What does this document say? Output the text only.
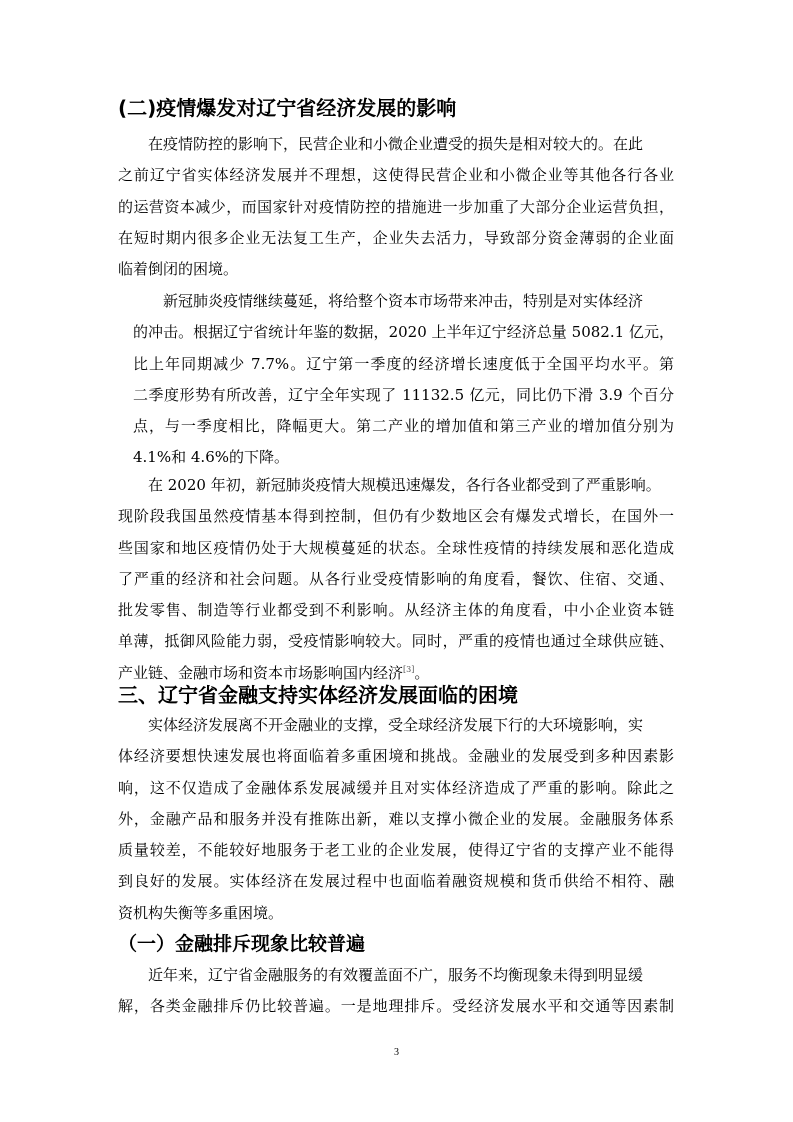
(二)疫情爆发对辽宁省经济发展的影响
在疫情防控的影响下，民营企业和小微企业遭受的损失是相对较大的。在此
之前辽宁省实体经济发展并不理想，这使得民营企业和小微企业等其他各行各业
的运营资本减少，而国家针对疫情防控的措施进一步加重了大部分企业运营负担，
在短时期内很多企业无法复工生产，企业失去活力，导致部分资金薄弱的企业面
临着倒闭的困境。
新冠肺炎疫情继续蔓延，将给整个资本市场带来冲击，特别是对实体经济
的冲击。根据辽宁省统计年鉴的数据，2020 上半年辽宁经济总量 5082.1 亿元，
比上年同期减少 7.7%。辽宁第一季度的经济增长速度低于全国平均水平。第
二季度形势有所改善，辽宁全年实现了 11132.5 亿元，同比仍下滑 3.9 个百分
点，与一季度相比，降幅更大。第二产业的增加值和第三产业的增加值分别为
4.1%和 4.6%的下降。
在 2020 年初，新冠肺炎疫情大规模迅速爆发，各行各业都受到了严重影响。
现阶段我国虽然疫情基本得到控制，但仍有少数地区会有爆发式增长，在国外一
些国家和地区疫情仍处于大规模蔓延的状态。全球性疫情的持续发展和恶化造成
了严重的经济和社会问题。从各行业受疫情影响的角度看，餐饮、住宿、交通、
批发零售、制造等行业都受到不利影响。从经济主体的角度看，中小企业资本链
单薄，抵御风险能力弱，受疫情影响较大。同时，严重的疫情也通过全球供应链、
产业链、金融市场和资本市场影响国内经济[3]。
三、辽宁省金融支持实体经济发展面临的困境
实体经济发展离不开金融业的支撑，受全球经济发展下行的大环境影响，实
体经济要想快速发展也将面临着多重困境和挑战。金融业的发展受到多种因素影
响，这不仅造成了金融体系发展减缓并且对实体经济造成了严重的影响。除此之
外，金融产品和服务并没有推陈出新，难以支撑小微企业的发展。金融服务体系
质量较差，不能较好地服务于老工业的企业发展，使得辽宁省的支撑产业不能得
到良好的发展。实体经济在发展过程中也面临着融资规模和货币供给不相符、融
资机构失衡等多重困境。
（一）金融排斥现象比较普遍
近年来，辽宁省金融服务的有效覆盖面不广，服务不均衡现象未得到明显缓
解，各类金融排斥仍比较普遍。一是地理排斥。受经济发展水平和交通等因素制
3
